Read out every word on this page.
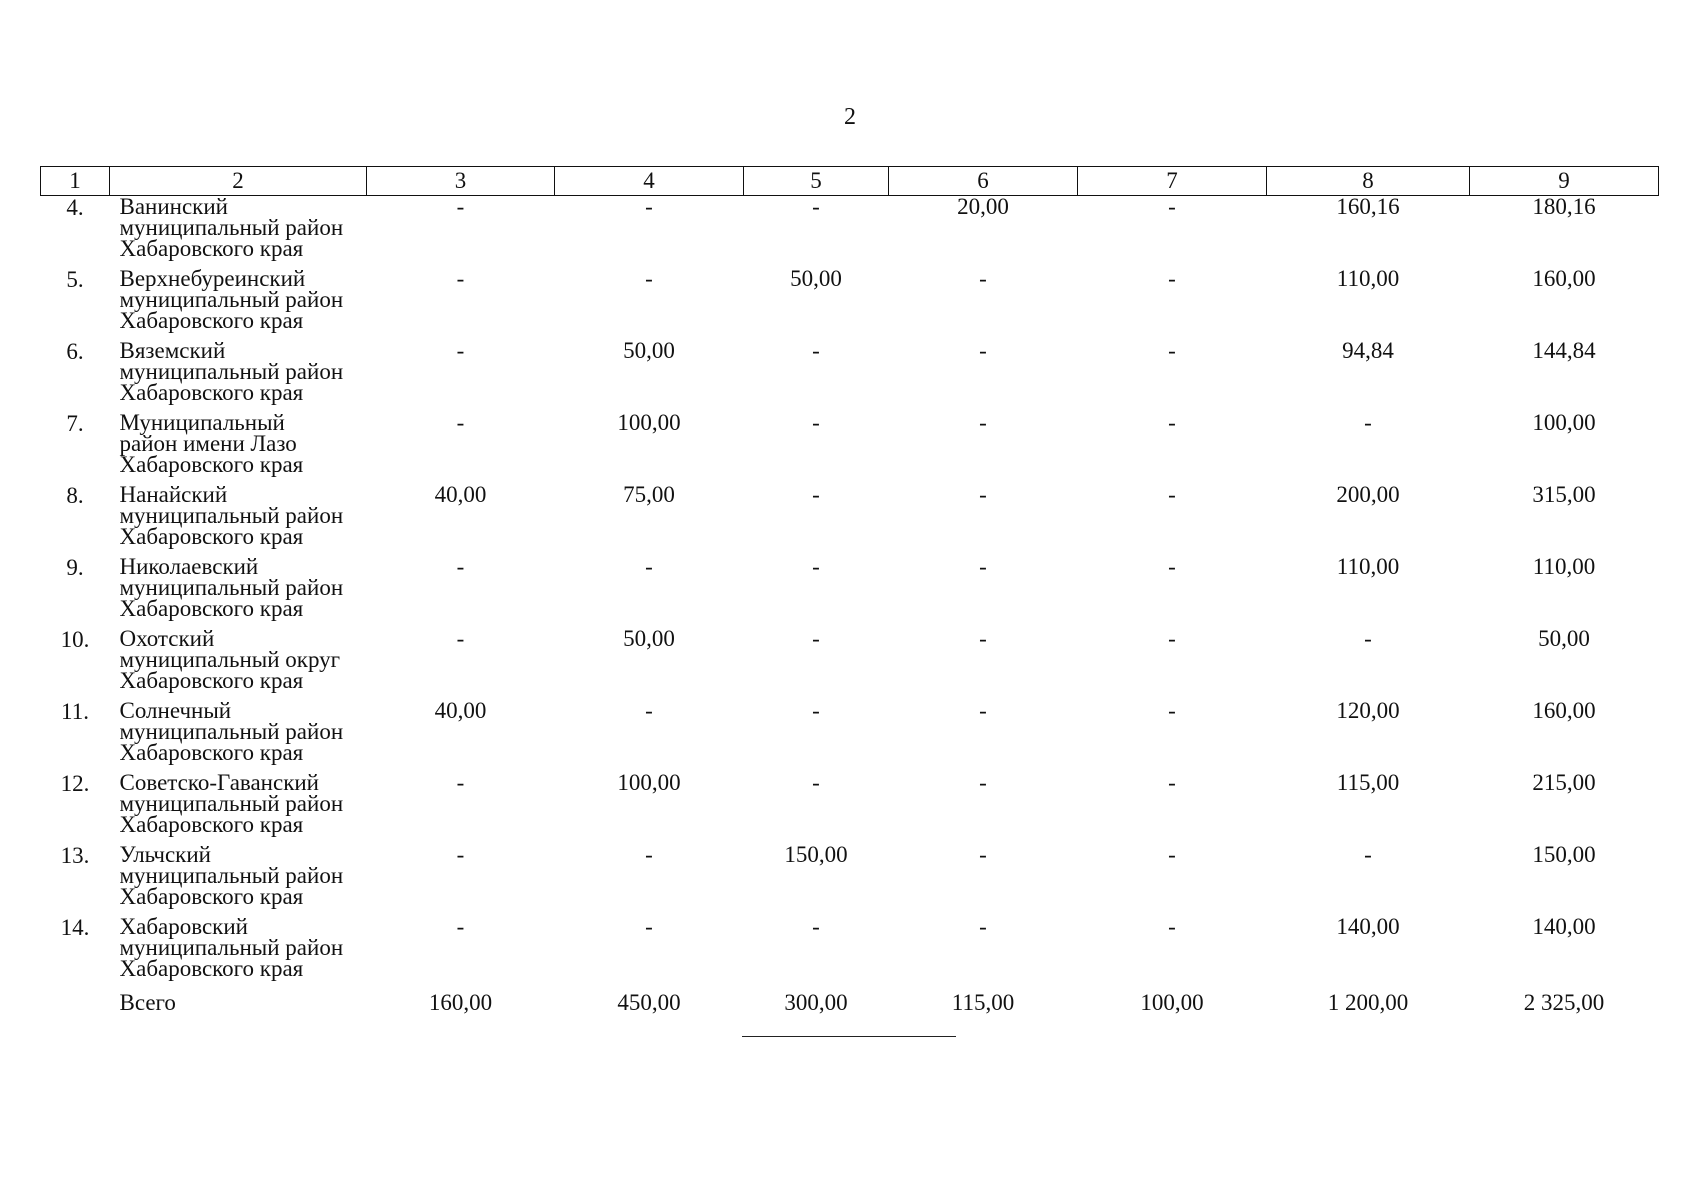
2
1	2	3	4	5	6	7	8	9
4.	Ванинский
муниципальный район
Хабаровского края	-	-	-	20,00	-	160,16	180,16
5.	Верхнебуреинский
муниципальный район
Хабаровского края	-	-	50,00	-	-	110,00	160,00
6.	Вяземский
муниципальный район
Хабаровского края	-	50,00	-	-	-	94,84	144,84
7.	Муниципальный
район имени Лазо
Хабаровского края	-	100,00	-	-	-	-	100,00
8.	Нанайский
муниципальный район
Хабаровского края	40,00	75,00	-	-	-	200,00	315,00
9.	Николаевский
муниципальный район
Хабаровского края	-	-	-	-	-	110,00	110,00
10.	Охотский
муниципальный округ
Хабаровского края	-	50,00	-	-	-	-	50,00
11.	Солнечный
муниципальный район
Хабаровского края	40,00	-	-	-	-	120,00	160,00
12.	Советско-Гаванский
муниципальный район
Хабаровского края	-	100,00	-	-	-	115,00	215,00
13.	Ульчский
муниципальный район
Хабаровского края	-	-	150,00	-	-	-	150,00
14.	Хабаровский
муниципальный район
Хабаровского края	-	-	-	-	-	140,00	140,00
	Всего	160,00	450,00	300,00	115,00	100,00	1 200,00	2 325,00
